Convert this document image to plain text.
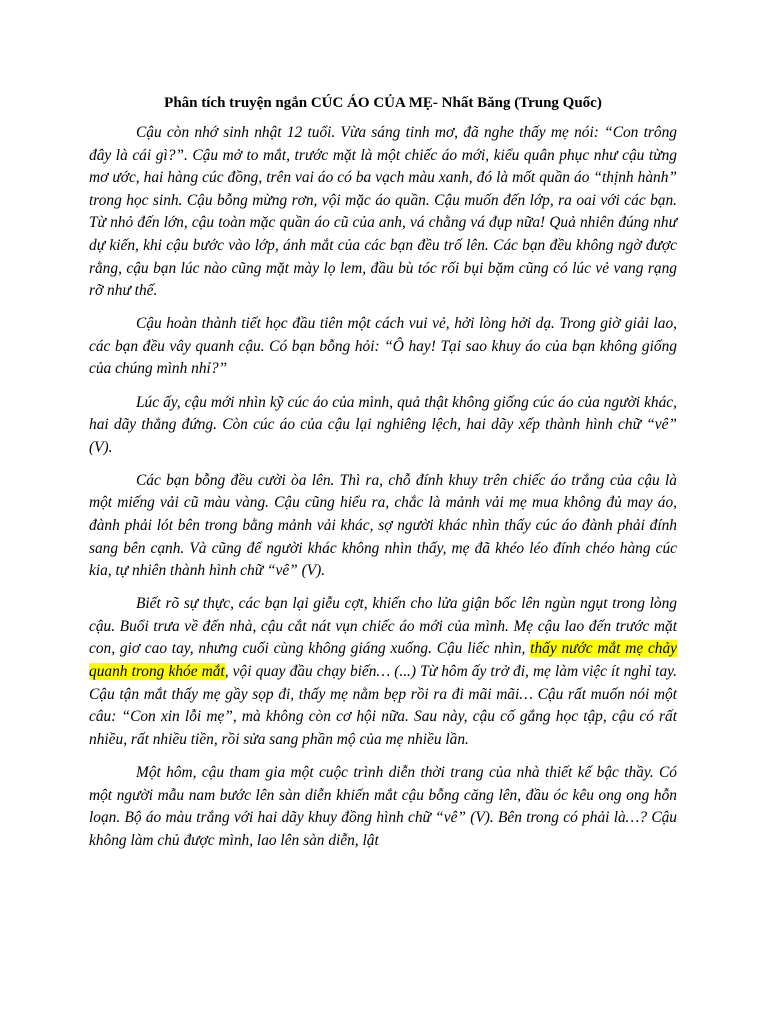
Phân tích truyện ngắn CÚC ÁO CỦA MẸ- Nhất Băng (Trung Quốc)

Cậu còn nhớ sinh nhật 12 tuổi. Vừa sáng tinh mơ, đã nghe thấy mẹ nói: “Con trông đây là cái gì?”. Cậu mở to mắt, trước mặt là một chiếc áo mới, kiểu quân phục như cậu từng mơ ước, hai hàng cúc đồng, trên vai áo có ba vạch màu xanh, đó là mốt quần áo “thịnh hành” trong học sinh. Cậu bỗng mừng rơn, vội mặc áo quần. Cậu muốn đến lớp, ra oai với các bạn. Từ nhỏ đến lớn, cậu toàn mặc quần áo cũ của anh, vá chằng vá đụp nữa! Quả nhiên đúng như dự kiến, khi cậu bước vào lớp, ánh mắt của các bạn đều trố lên. Các bạn đều không ngờ được rằng, cậu bạn lúc nào cũng mặt mày lọ lem, đầu bù tóc rối bụi bặm cũng có lúc vẻ vang rạng rỡ như thế.

Cậu hoàn thành tiết học đầu tiên một cách vui vẻ, hởi lòng hởi dạ. Trong giờ giải lao, các bạn đều vây quanh cậu. Có bạn bỗng hỏi: “Ô hay! Tại sao khuy áo của bạn không giống của chúng mình nhỉ?”

Lúc ấy, cậu mới nhìn kỹ cúc áo của mình, quả thật không giống cúc áo của người khác, hai dãy thẳng đứng. Còn cúc áo của cậu lại nghiêng lệch, hai dãy xếp thành hình chữ “vê” (V).

Các bạn bỗng đều cười òa lên. Thì ra, chỗ đính khuy trên chiếc áo trắng của cậu là một miếng vải cũ màu vàng. Cậu cũng hiểu ra, chắc là mảnh vải mẹ mua không đủ may áo, đành phải lót bên trong bằng mảnh vải khác, sợ người khác nhìn thấy cúc áo đành phải đính sang bên cạnh. Và cũng để người khác không nhìn thấy, mẹ đã khéo léo đính chéo hàng cúc kia, tự nhiên thành hình chữ “vê” (V).

Biết rõ sự thực, các bạn lại giễu cợt, khiến cho lửa giận bốc lên ngùn ngụt trong lòng cậu. Buổi trưa về đến nhà, cậu cắt nát vụn chiếc áo mới của mình. Mẹ cậu lao đến trước mặt con, giơ cao tay, nhưng cuối cùng không giáng xuống. Cậu liếc nhìn, thấy nước mắt mẹ chảy quanh trong khóe mắt, vội quay đầu chạy biến… (...) Từ hôm ấy trở đi, mẹ làm việc ít nghỉ tay. Cậu tận mắt thấy mẹ gầy sọp đi, thấy mẹ nằm bẹp rồi ra đi mãi mãi… Cậu rất muốn nói một câu: “Con xin lỗi mẹ”, mà không còn cơ hội nữa. Sau này, cậu cố gắng học tập, cậu có rất nhiều, rất nhiều tiền, rồi sửa sang phần mộ của mẹ nhiều lần.

Một hôm, cậu tham gia một cuộc trình diễn thời trang của nhà thiết kế bậc thầy. Có một người mẫu nam bước lên sàn diễn khiến mắt cậu bỗng căng lên, đầu óc kêu ong ong hỗn loạn. Bộ áo màu trắng với hai dãy khuy đồng hình chữ “vê” (V). Bên trong có phải là…? Cậu không làm chủ được mình, lao lên sàn diễn, lật
